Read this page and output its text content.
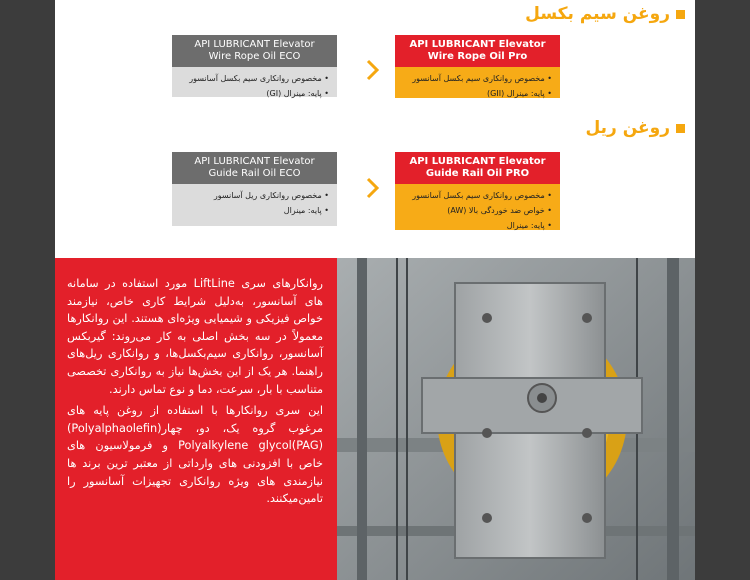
روغن سیم بکسل
API LUBRICANT Elevator
Wire Rope Oil ECO
• مخصوص روانکاری سیم بکسل آسانسور
• پایه: مینرال (GI)
API LUBRICANT Elevator Wire Rope Oil Pro
• مخصوص روانکاری سیم بکسل آسانسور
• پایه: مینرال (GII)
روغن ریل
API LUBRICANT Elevator
Guide Rail Oil ECO
• مخصوص روانکاری ریل آسانسور
• پایه: مینرال
API LUBRICANT Elevator Guide Rail Oil PRO
• مخصوص روانکاری سیم بکسل آسانسور
• خواص ضد خوردگی بالا (AW)
• پایه: مینرال
روانکارهای سری LiftLine مورد استفاده در سامانه های آسانسور، به‌دلیل شرایط کاری خاص، نیازمند خواص فیزیکی و شیمیایی ویژه‌ای هستند. این روانکارها معمولاً در سه بخش اصلی به کار می‌روند: گیربکس آسانسور، روانکاری سیم‌بکسل‌ها، و روانکاری ریل‌های راهنما. هر یک از این بخش‌ها نیاز به روانکاری تخصصی متناسب با بار، سرعت، دما و نوع تماس دارند.
این سری روانکارها با استفاده از روغن پایه های مرغوب گروه یک، دو، چهار(Polyalphaolefin) (PAG)Polyalkylene glycol و فرمولاسیون های خاص با افزودنی های وارداتی از معتبر ترین برند ها نیازمندی های ویژه روانکاری تجهیزات آسانسور را تامین‌میکنند.
